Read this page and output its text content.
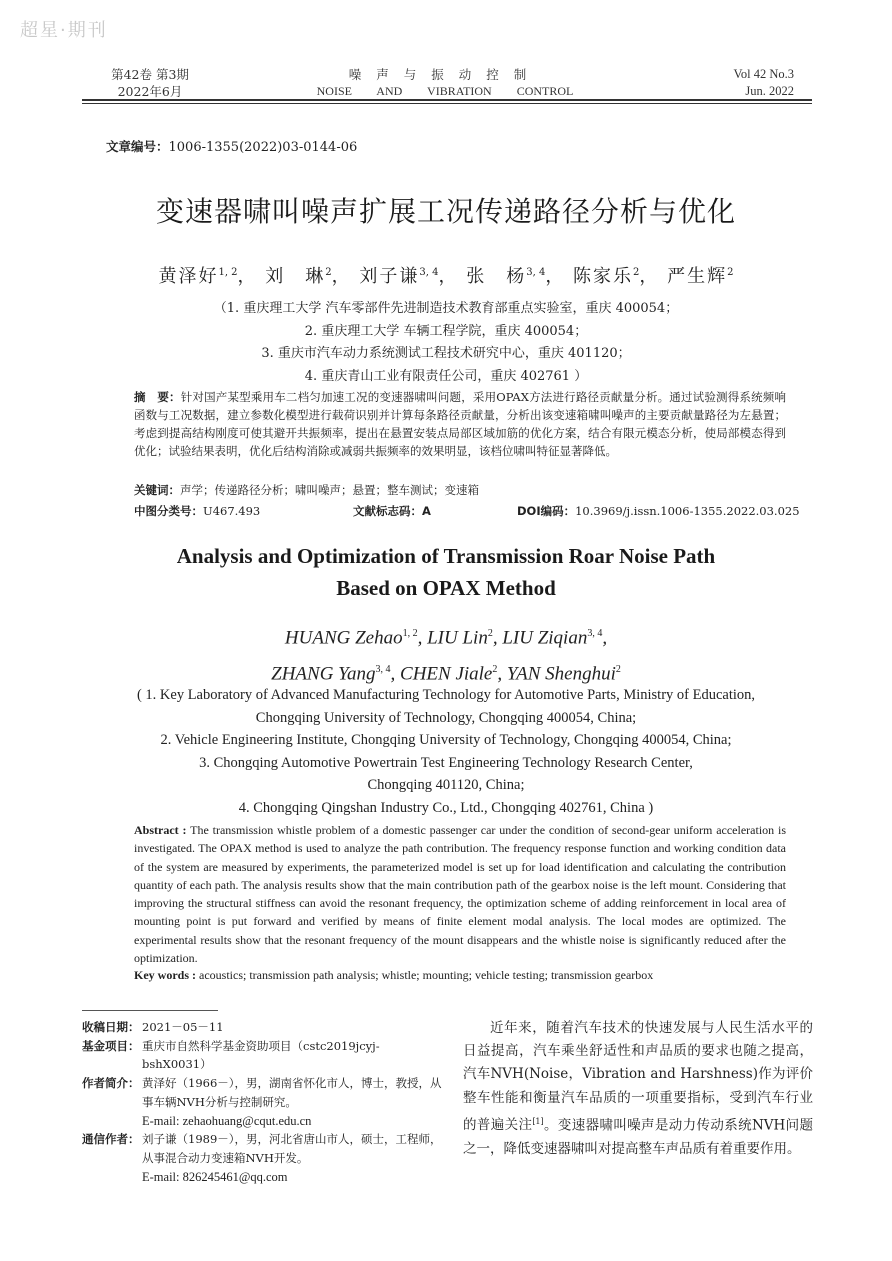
超星·期刊
第42卷 第3期
2022年6月
噪声与振动控制
NOISE AND VIBRATION CONTROL
Vol 42 No.3
Jun. 2022
文章编号：1006-1355(2022)03-0144-06
变速器啸叫噪声扩展工况传递路径分析与优化
黄泽好$^{1, 2}$， 刘　琳$^2$， 刘子谦$^{3, 4}$， 张　杨$^{3, 4}$， 陈家乐$^2$， 严生辉$^2$
（1. 重庆理工大学 汽车零部件先进制造技术教育部重点实验室，重庆 400054；
2. 重庆理工大学 车辆工程学院，重庆 400054；
3. 重庆市汽车动力系统测试工程技术研究中心，重庆 401120；
4. 重庆青山工业有限责任公司，重庆 402761 ）
摘　要：针对国产某型乘用车二档匀加速工况的变速器啸叫问题，采用OPAX方法进行路径贡献量分析。通过试验测得系统频响函数与工况数据，建立参数化模型进行载荷识别并计算每条路径贡献量，分析出该变速箱啸叫噪声的主要贡献量路径为左悬置；考虑到提高结构刚度可使其避开共振频率，提出在悬置安装点局部区域加筋的优化方案，结合有限元模态分析，使局部模态得到优化；试验结果表明，优化后结构消除或减弱共振频率的效果明显，该档位啸叫特征显著降低。
关键词：声学；传递路径分析；啸叫噪声；悬置；整车测试；变速箱
中图分类号：U467.493	文献标志码：A	DOI编码：10.3969/j.issn.1006-1355.2022.03.025
Analysis and Optimization of Transmission Roar Noise Path
Based on OPAX Method
HUANG Zehao$^{1, 2}$, LIU Lin$^2$, LIU Ziqian$^{3, 4}$,
ZHANG Yang$^{3, 4}$, CHEN Jiale$^2$, YAN Shenghui$^2$
( 1. Key Laboratory of Advanced Manufacturing Technology for Automotive Parts, Ministry of Education,
Chongqing University of Technology, Chongqing 400054, China;
2. Vehicle Engineering Institute, Chongqing University of Technology, Chongqing 400054, China;
3. Chongqing Automotive Powertrain Test Engineering Technology Research Center,
Chongqing 401120, China;
4. Chongqing Qingshan Industry Co., Ltd., Chongqing 402761, China )
Abstract : The transmission whistle problem of a domestic passenger car under the condition of second-gear uniform acceleration is investigated. The OPAX method is used to analyze the path contribution. The frequency response function and working condition data of the system are measured by experiments, the parameterized model is set up for load identification and calculating the contribution quantity of each path. The analysis results show that the main contribution path of the gearbox noise is the left mount. Considering that improving the structural stiffness can avoid the resonant frequency, the optimization scheme of adding reinforcement in local area of mounting point is put forward and verified by means of finite element modal analysis. The local modes are optimized. The experimental results show that the resonant frequency of the mount disappears and the whistle noise is significantly reduced after the optimization.
Key words : acoustics; transmission path analysis; whistle; mounting; vehicle testing; transmission gearbox
收稿日期： 2021－05－11
基金项目： 重庆市自然科学基金资助项目（cstc2019jcyj-bshX0031）
作者简介： 黄泽好（1966－），男，湖南省怀化市人，博士，教授，从事车辆NVH分析与控制研究。
E-mail: zehaohuang@cqut.edu.cn
通信作者： 刘子谦（1989－），男，河北省唐山市人，硕士，工程师，从事混合动力变速箱NVH开发。
E-mail: 826245461@qq.com
近年来，随着汽车技术的快速发展与人民生活水平的日益提高，汽车乘坐舒适性和声品质的要求也随之提高，汽车NVH(Noise，Vibration and Harshness)作为评价整车性能和衡量汽车品质的一项重要指标，受到汽车行业的普遍关注[1]。变速器啸叫噪声是动力传动系统NVH问题之一，降低变速器啸叫对提高整车声品质有着重要作用。
